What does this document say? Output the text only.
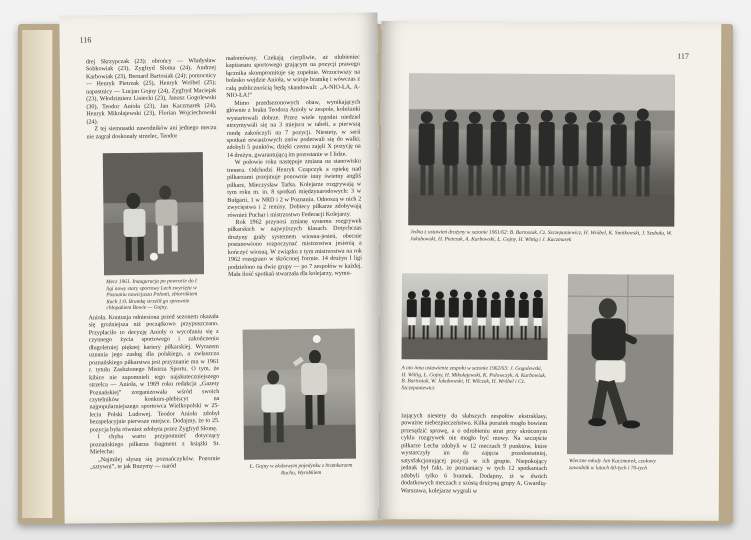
116

drej Skrzypczak (23); obrońcy — Władysław Sobkowiak (23), Zygfryd Słoma (24), Andrzej Karbowiak (23), Bernard Bartosiak (24); pomocnicy — Henryk Pietrzak (25), Henryk Wróbel (25); napastnicy — Lucjan Gojny (24), Zygfryd Maciejak (23), Włodzimierz Lisiecki (23), Janusz Gogolewski (30), Teodor Anioła (23), Jan Kaczmarek (24), Henryk Mikołajewski (23), Florian Wojciechowski (24).

Z tej siemnastki zawodników ani jednego meczu nie zagrał doskonały strzelec, Teodor

Mecz 1961. Inauguracja po powrocie do I ligi nowy stary sportowy Lech zwycięża w Poznaniu nowicjusza Polonii, zbiornikiem Ruch 1:0. Bramkę strzelił go sprawnie chłopakiem Bowie — Gojny.

Anioła. Kontuzja odniesiona przed sezonem okazała się groźniejsza niż początkowo przypuszczano. Przypłaciło to decyzję Anioły o wycofaniu się z czynnego życia sportowego i zakończeniu długoletniej pięknej kariery piłkarskiej. Wyrazem uznania jego zasług dla polskiego, a zwłaszcza poznańskiego piłkarstwa jest przyznanie mu w 1961 r. tytułu Zasłużonego Mistrza Sportu. O tym, że kibice nie zapomnieli tego najskuteczniejszego strzelca — Anioła, w 1969 roku redakcja „Gazety Poznańskiej” zorganizowała wśród swoich czytelników konkurs-plebiscyt na najpopularniejszego sportowca Wielkopolski w 25-leciu Polski Ludowej. Teodor Anioła zdobył bezapelacyjnie pierwsze miejsce. Dodajmy, że to 25. pozycja była również zdobyta przez Zygfryd Słomę.

I chyba warto przypomnieć dotyczący poznańskiego piłkarza fragment z książki St. Mielecha:

„Najmilej słyszę się poznańczyków. Pozornie „sztywni”, te jak Buzymy — naród

małomówny. Czekają cierpliwie, aż ulubieniec kapitanatu sportowego grającym na pozycji prawego łącznika skompromituje się zupełnie. Wrzuciwszy na bolesko wejdzie Anioła, w wiruje bramkę i wówczas z całą publicznością będą skandowali: „A-NIO-ŁA, A-NIO-ŁA!”

Mimo przedsezonowych obaw, wynikających głównie z braku Teodora Anioły w zespole, koleżanki wystartowali dobrze. Przez wiele tygodni niedziel utrzymywali się na 3 miejscu w tabeli, a pierwszą rundę zakończyli na 7 pozycji. Niestety, w serii spotkań rewanżowych znów poderwali się do walki; zdobyli 5 punktów, dzięki czemu zajęli X pozycję na 14 drużyn, gwarantującą im pozostanie w I lidze.

W połowie roku następuje zmiana na stanowisku trenera. Odchodzi Henryk Czapczyk a opiekę nad piłkarzami przejmuje ponownie inny świetny angliś piłkarz, Mieczysław Tarka. Kolejarze rozgrywają w tym roku m. in. 8 spotkań międzynarodowych: 3 w Bułgarii, 1 w NRD i 2 w Poznaniu. Odnoszą w nich 2 zwycięstwa i 2 remisy. Dobiecy piłkarze zdobywają również Puchar i mistrzostwo Federacji Kolejarzy.

Rok 1962 przynosi zmianę systemu rozgrywek piłkarskich w najwyższych klasach. Dotychczas drużyny grały systemem wiosna-jesień, obecnie postanowiono rozpoczynać mistrzostwa jesienią a kończyć wiosną. W związku z tym mistrzostwa na rok 1962 rozegrano w skróconej formie. 14 drużyn I ligi podzielono na dwie grupy — po 7 zespołów w każdej. Mała ilość spotkań stwarzała dla kolejarzy, wymu-

Ł. Gojny w ekshowym pojedynku z bramkarzem Ruchu, Wyrobkiem
117
Jedna z ustawień drużyny w sezonie 1961/62: B. Bartosiak, Cz. Szczepaniewicz, H. Wróbel, K. Smitkowski, J. Szubała, W. Jakubowski, H. Pietrzak, A. Karbowski, Ł. Gojny, H. Wittig i J. Kaczmarek
A oto inna ustawienie zespołu w sezonie 1962/63: J. Gogolewski, H. Wittig, Ł. Gojny, H. Mikołajewski, K. Polowczyk, A. Karbowiak, B. Bartosiak, W. Jakubowski, H. Wilczak, H. Wróbel i Cz. Szczepaniewicz

żających niestety do słabszych zespołów ekstraklasy, poważne niebezpieczeństwo. Kilka porażek mogło bowiem przesądzić sprawę, a o odrobieniu strat przy skróconym cyklu rozgrywek nie mogło być mowy. Na szczęście piłkarze Lecha zdobyli w 12 meczach 9 punktów, które wystarczyły im do zajęcia przedostatniej, satysfakcjonującej pozycji w ich grupie. Niepokojący jednak był fakt, że poznaniacy w tych 12 spotkaniach zdobyli tylko 6 bramek. Dodajmy, iż w dwóch dodatkowych meczach z szóstą drużyną grupy A, Gwardią-Warszawa, kolejarze wygrali w

Wieczne młody Jan Kaczmarek, czołowy zawodnik w latach 60-tych i 70-tych
